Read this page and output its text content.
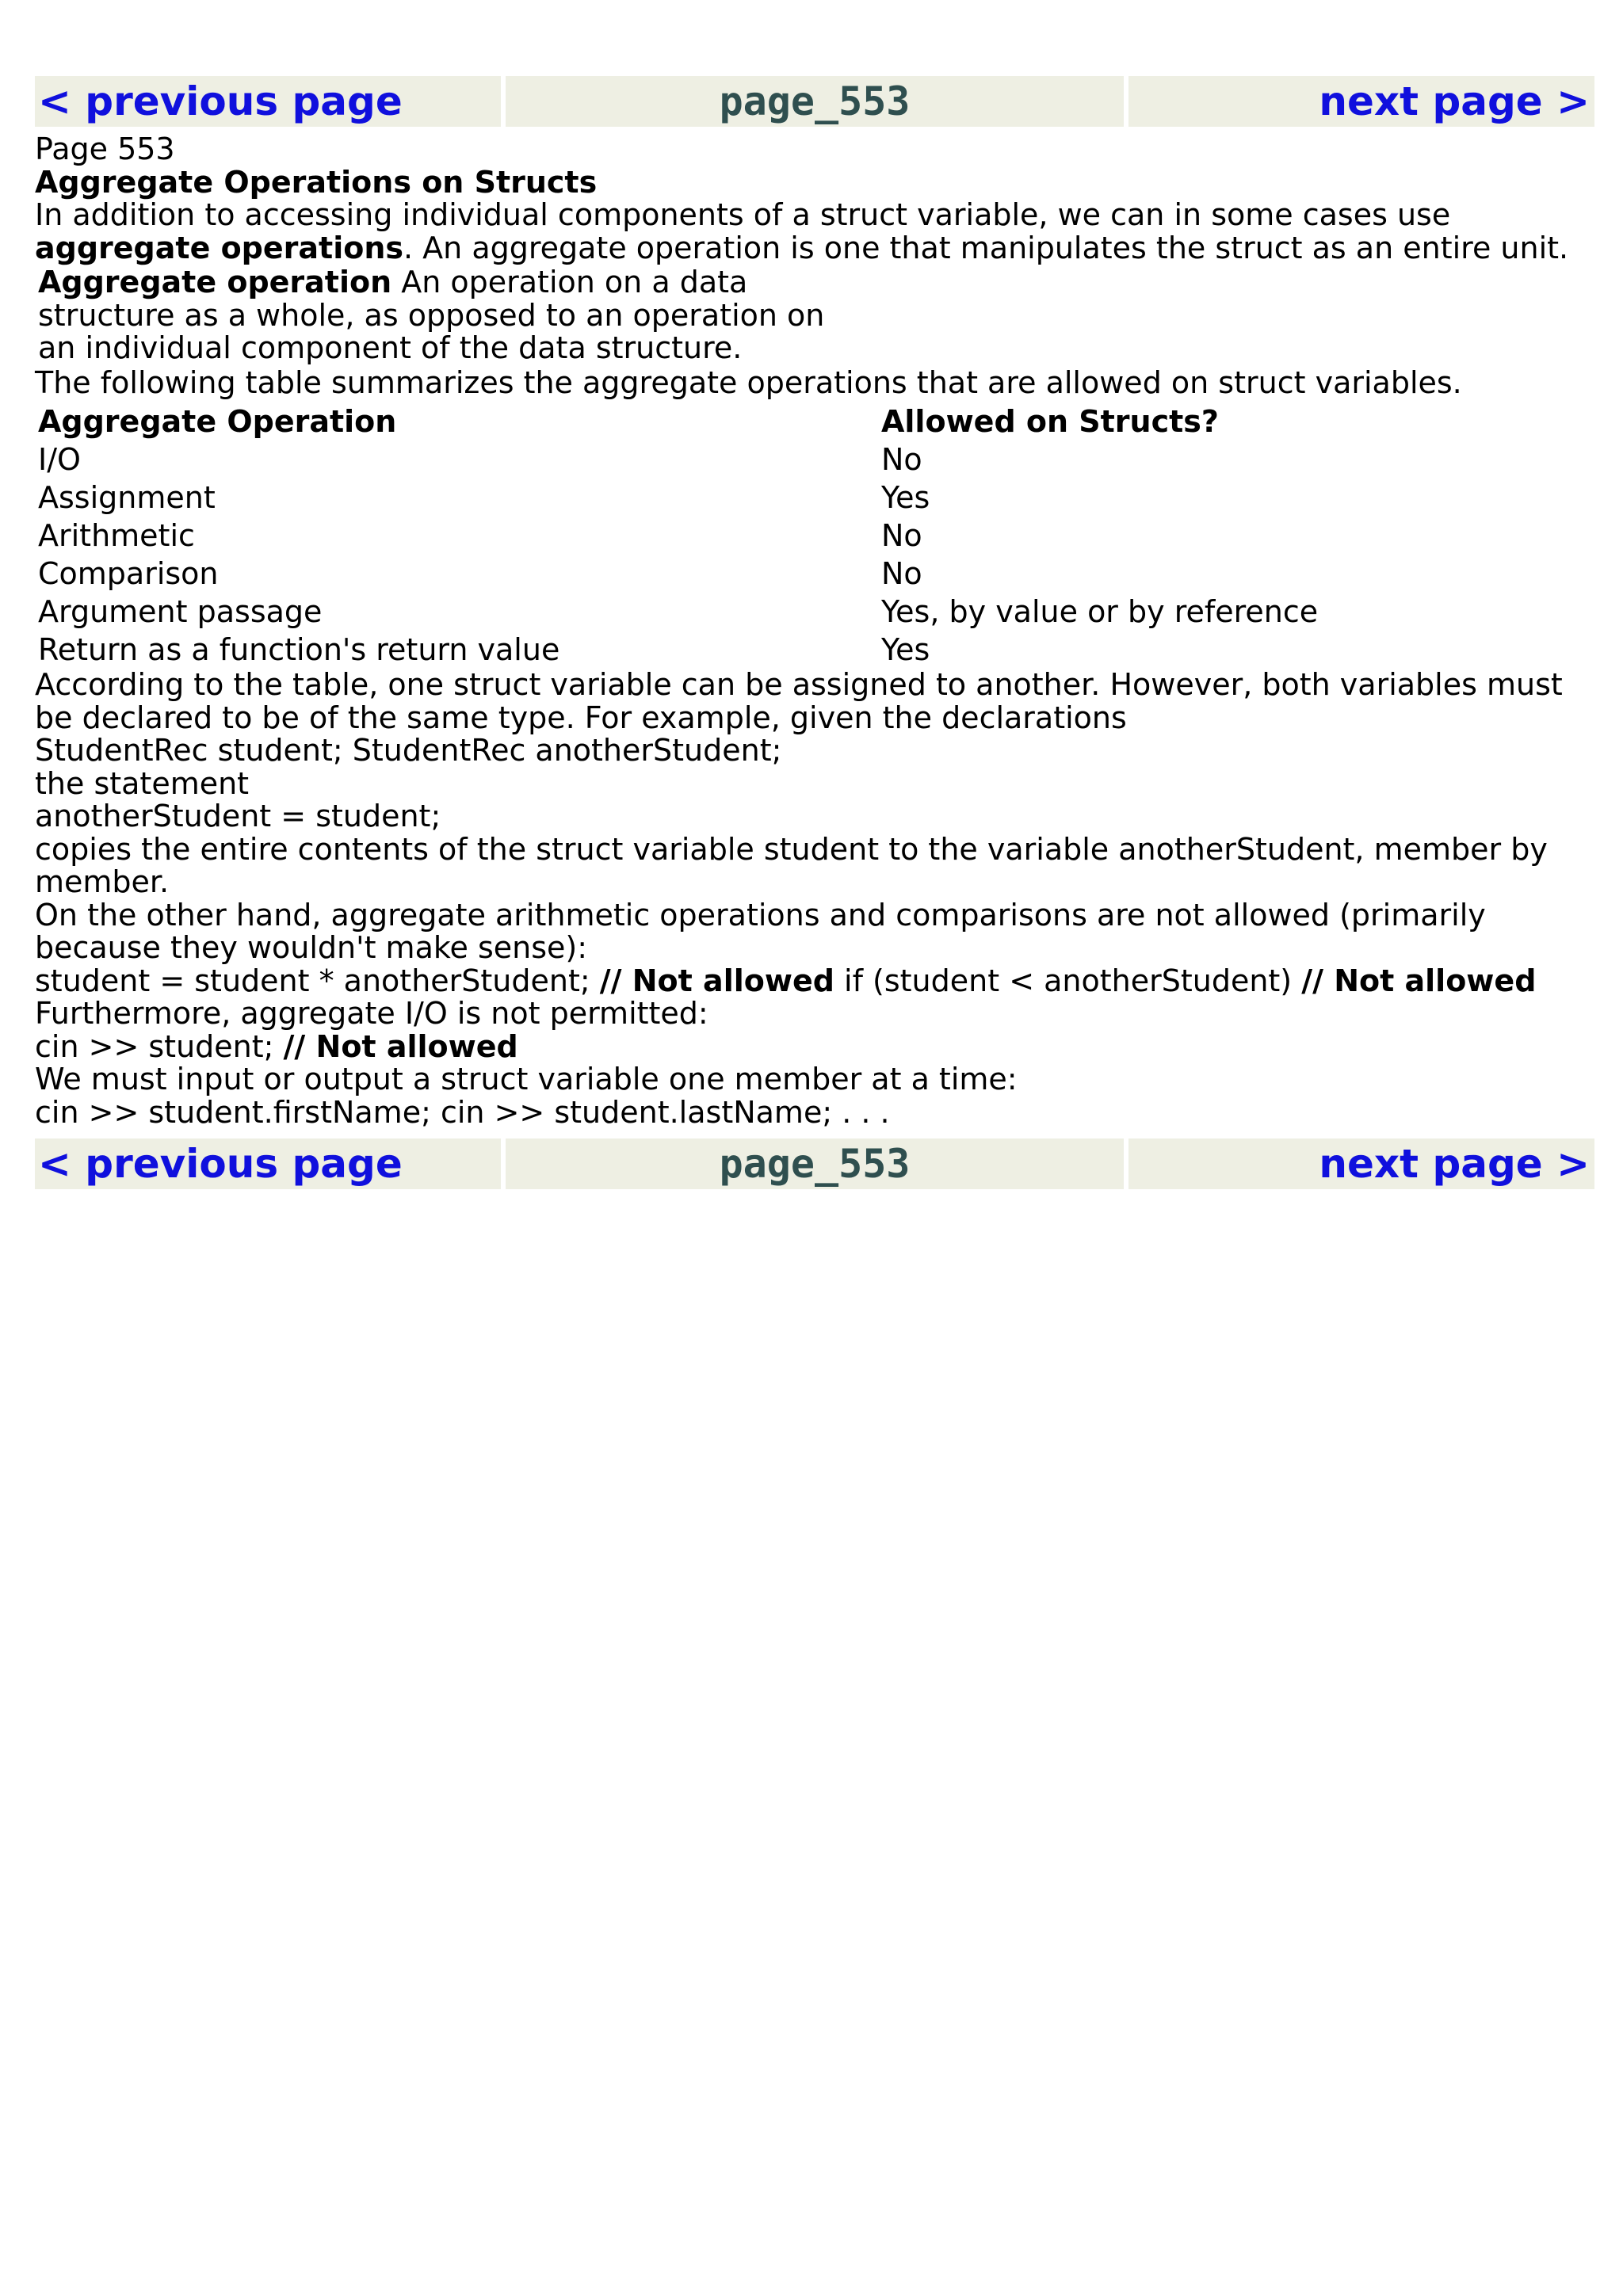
< previous page	page_553	next page >

Page 553

Aggregate Operations on Structs

In addition to accessing individual components of a struct variable, we can in some cases use aggregate operations. An aggregate operation is one that manipulates the struct as an entire unit.

Aggregate operation An operation on a data
structure as a whole, as opposed to an operation on
an individual component of the data structure.

The following table summarizes the aggregate operations that are allowed on struct variables.

Aggregate Operation	Allowed on Structs?
I/O	No
Assignment	Yes
Arithmetic	No
Comparison	No
Argument passage	Yes, by value or by reference
Return as a function's return value	Yes

According to the table, one struct variable can be assigned to another. However, both variables must be declared to be of the same type. For example, given the declarations

StudentRec student; StudentRec anotherStudent;

the statement

anotherStudent = student;

copies the entire contents of the struct variable student to the variable anotherStudent, member by member.

On the other hand, aggregate arithmetic operations and comparisons are not allowed (primarily because they wouldn't make sense):

student = student * anotherStudent; // Not allowed if (student < anotherStudent) // Not allowed

Furthermore, aggregate I/O is not permitted:

cin >> student; // Not allowed

We must input or output a struct variable one member at a time:

cin >> student.firstName; cin >> student.lastName; . . .

< previous page	page_553	next page >
